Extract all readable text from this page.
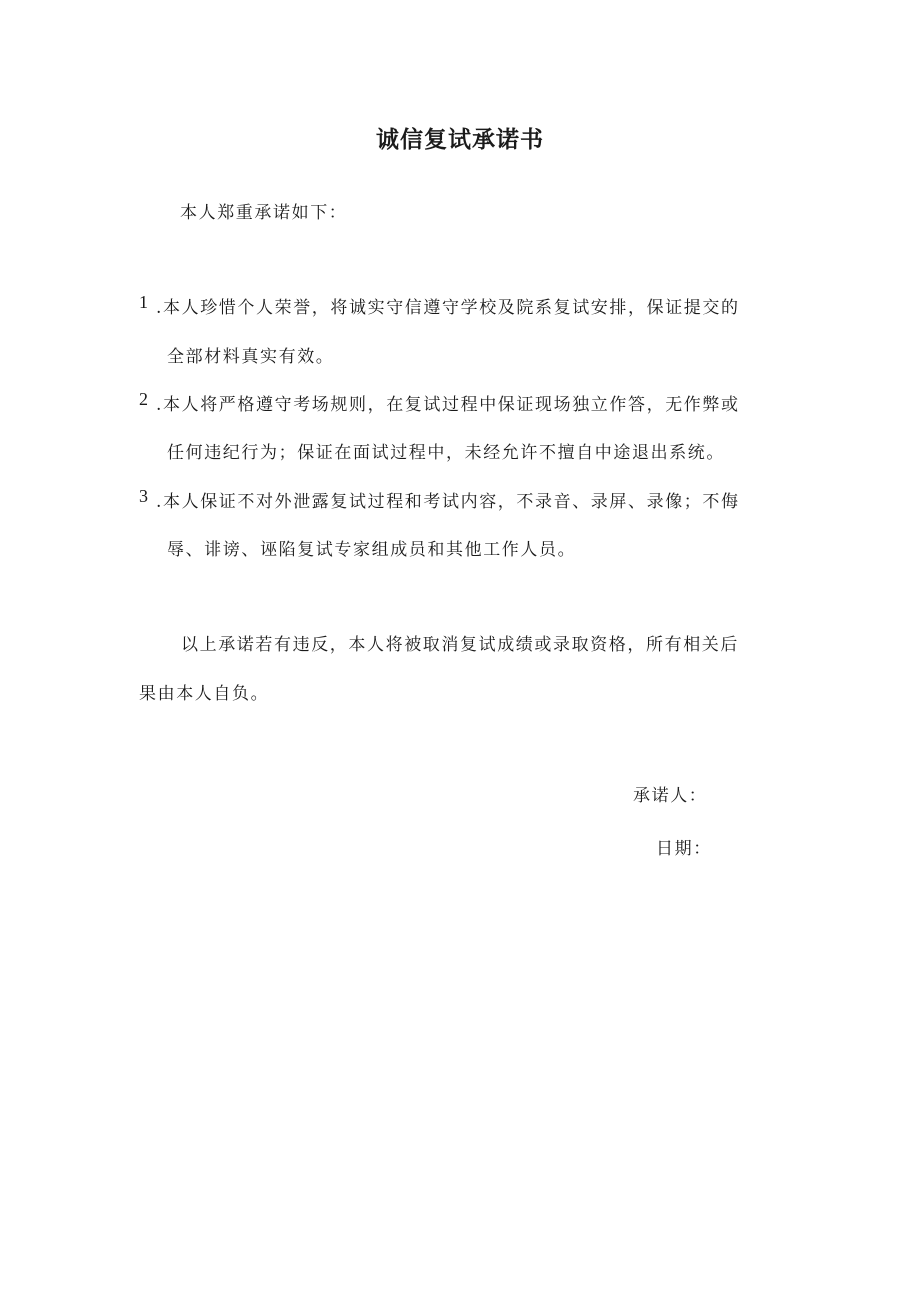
诚信复试承诺书
本人郑重承诺如下：
1 .本人珍惜个人荣誉，将诚实守信遵守学校及院系复试安排，保证提交的
全部材料真实有效。
2 .本人将严格遵守考场规则，在复试过程中保证现场独立作答，无作弊或
任何违纪行为；保证在面试过程中，未经允许不擅自中途退出系统。
3 .本人保证不对外泄露复试过程和考试内容，不录音、录屏、录像；不侮
辱、诽谤、诬陷复试专家组成员和其他工作人员。
以上承诺若有违反，本人将被取消复试成绩或录取资格，所有相关后
果由本人自负。
承诺人：
日期：
